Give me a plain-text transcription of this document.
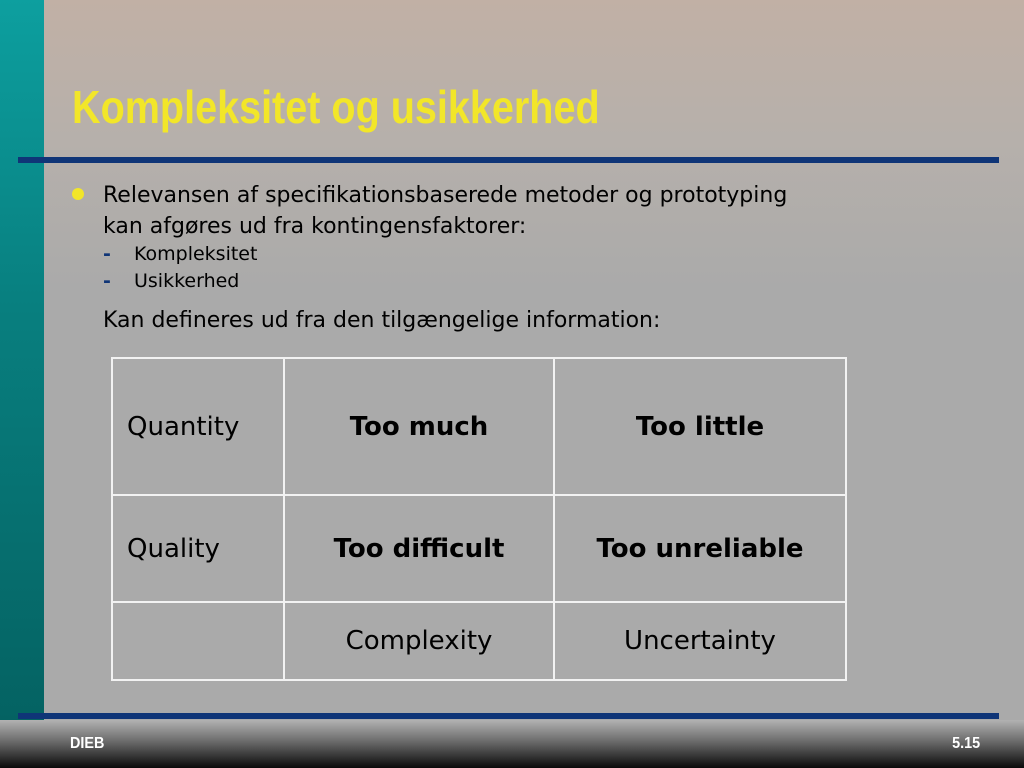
Kompleksitet og usikkerhed
Relevansen af specifikationsbaserede metoder og prototyping kan afgøres ud fra kontingensfaktorer:
- Kompleksitet
- Usikkerhed
Kan defineres ud fra den tilgængelige information:
Quantity	Too much	Too little
Quality	Too difficult	Too unreliable
	Complexity	Uncertainty
DIEB	5.15
